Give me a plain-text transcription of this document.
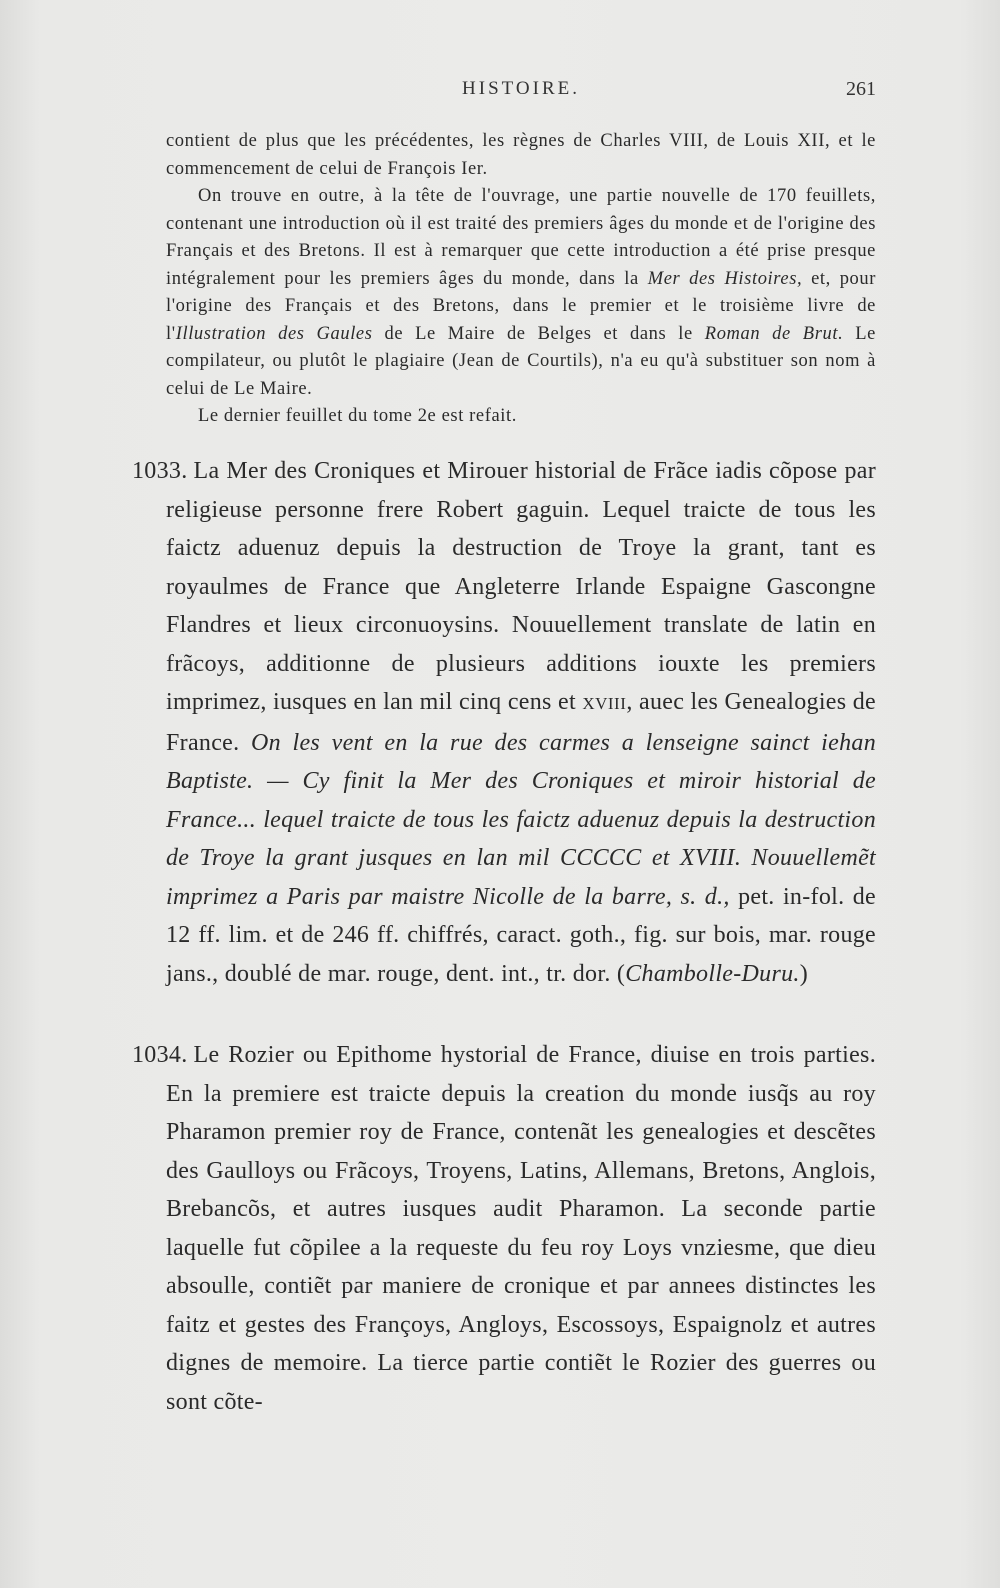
HISTOIRE.	261

contient de plus que les précédentes, les règnes de Charles VIII, de Louis XII, et le commencement de celui de François Ier.

On trouve en outre, à la tête de l'ouvrage, une partie nouvelle de 170 feuillets, contenant une introduction où il est traité des premiers âges du monde et de l'origine des Français et des Bretons. Il est à remarquer que cette introduction a été prise presque intégralement pour les premiers âges du monde, dans la Mer des Histoires, et, pour l'origine des Français et des Bretons, dans le premier et le troisième livre de l'Illustration des Gaules de Le Maire de Belges et dans le Roman de Brut. Le compilateur, ou plutôt le plagiaire (Jean de Courtils), n'a eu qu'à substituer son nom à celui de Le Maire.

Le dernier feuillet du tome 2e est refait.

1033. La Mer des Croniques et Mirouer historial de Frãce iadis cõpose par religieuse personne frere Robert gaguin. Lequel traicte de tous les faictz aduenuz depuis la destruction de Troye la grant, tant es royaulmes de France que Angleterre Irlande Espaigne Gascongne Flandres et lieux circonuoysins. Nouuellement translate de latin en frãcoys, additionne de plusieurs additions iouxte les premiers imprimez, iusques en lan mil cinq cens et XVIII, auec les Genealogies de France. On les vent en la rue des carmes a lenseigne sainct iehan Baptiste. — Cy finit la Mer des Croniques et miroir historial de France... lequel traicte de tous les faictz aduenuz depuis la destruction de Troye la grant jusques en lan mil CCCCC et XVIII. Nouuellemẽt imprimez a Paris par maistre Nicolle de la barre, s. d., pet. in-fol. de 12 ff. lim. et de 246 ff. chiffrés, caract. goth., fig. sur bois, mar. rouge jans., doublé de mar. rouge, dent. int., tr. dor. (Chambolle-Duru.)

1034. Le Rozier ou Epithome hystorial de France, diuise en trois parties. En la premiere est traicte depuis la creation du monde iusq̃s au roy Pharamon premier roy de France, contenãt les genealogies et descẽtes des Gaulloys ou Frãcoys, Troyens, Latins, Allemans, Bretons, Anglois, Brebancõs, et autres iusques audit Pharamon. La seconde partie laquelle fut cõpilee a la requeste du feu roy Loys vnziesme, que dieu absoulle, contiẽt par maniere de cronique et par annees distinctes les faitz et gestes des Françoys, Angloys, Escossoys, Espaignolz et autres dignes de memoire. La tierce partie contiẽt le Rozier des guerres ou sont cõte-
